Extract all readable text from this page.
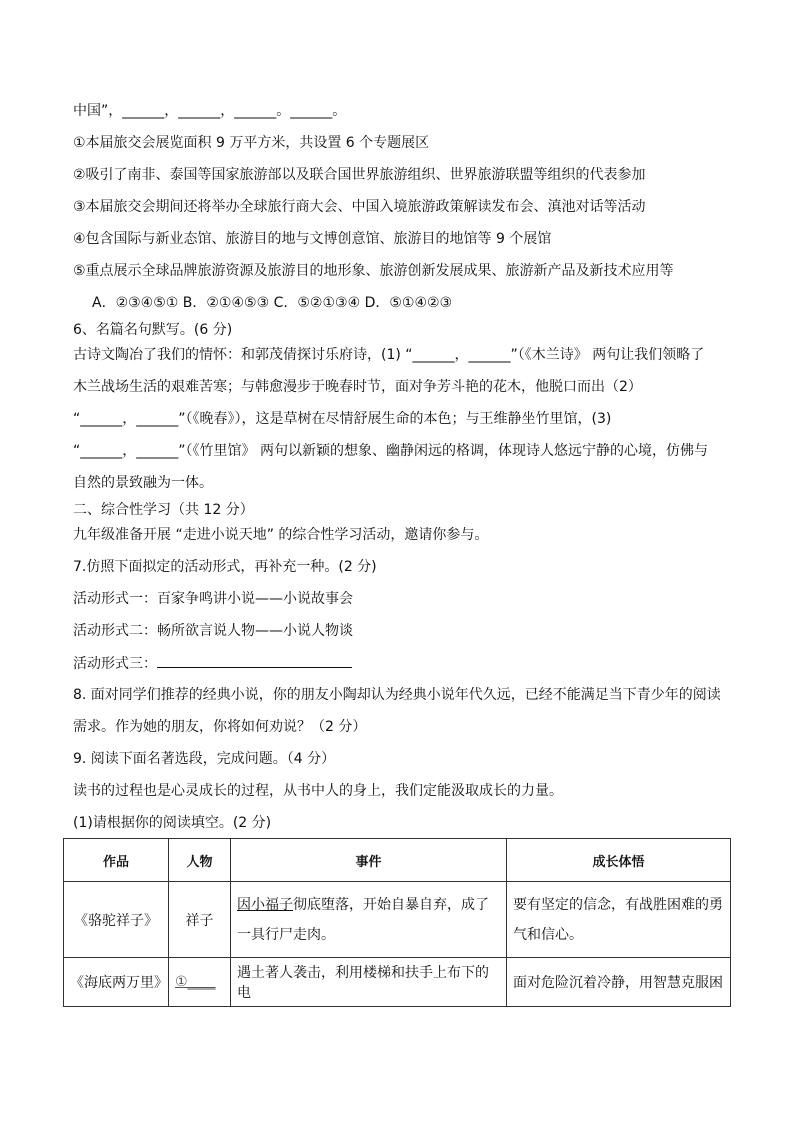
中国”，______，______，______。______。
①本届旅交会展览面积 9 万平方米，共设置 6 个专题展区
②吸引了南非、泰国等国家旅游部以及联合国世界旅游组织、世界旅游联盟等组织的代表参加
③本届旅交会期间还将举办全球旅行商大会、中国入境旅游政策解读发布会、滇池对话等活动
④包含国际与新业态馆、旅游目的地与文博创意馆、旅游目的地馆等 9 个展馆
⑤重点展示全球品牌旅游资源及旅游目的地形象、旅游创新发展成果、旅游新产品及新技术应用等
A．②③④⑤① B．②①④⑤③ C．⑤②①③④ D．⑤①④②③
6、名篇名句默写。(6 分)
古诗文陶冶了我们的情怀：和郭茂倩探讨乐府诗，(1) “______，______”（《木兰诗》 两句让我们领略了
木兰战场生活的艰难苦寒；与韩愈漫步于晚春时节，面对争芳斗艳的花木，他脱口而出（2）
“______，______”（《晚春》），这是草树在尽情舒展生命的本色；与王维静坐竹里馆，(3)
“______，______”（《竹里馆》 两句以新颖的想象、幽静闲远的格调，体现诗人悠远宁静的心境，仿佛与
自然的景致融为一体。
二、综合性学习（共 12 分）
九年级准备开展 “走进小说天地” 的综合性学习活动，邀请你参与。
7.仿照下面拟定的活动形式，再补充一种。(2 分)
活动形式一：百家争鸣讲小说——小说故事会
活动形式二：畅所欲言说人物——小说人物谈
活动形式三：
8. 面对同学们推荐的经典小说，你的朋友小陶却认为经典小说年代久远，已经不能满足当下青少年的阅读
需求。作为她的朋友，你将如何劝说？（2 分）
9. 阅读下面名著选段，完成问题。（4 分）
读书的过程也是心灵成长的过程，从书中人的身上，我们定能汲取成长的力量。
(1)请根据你的阅读填空。(2 分)
作品	人物	事件	成长体悟
《骆驼祥子》	祥子	因小福子彻底堕落，开始自暴自弃，成了一具行尸走肉。	要有坚定的信念，有战胜困难的勇气和信心。
《海底两万里》	①____	遇土著人袭击，利用楼梯和扶手上布下的电	面对危险沉着冷静，用智慧克服困
